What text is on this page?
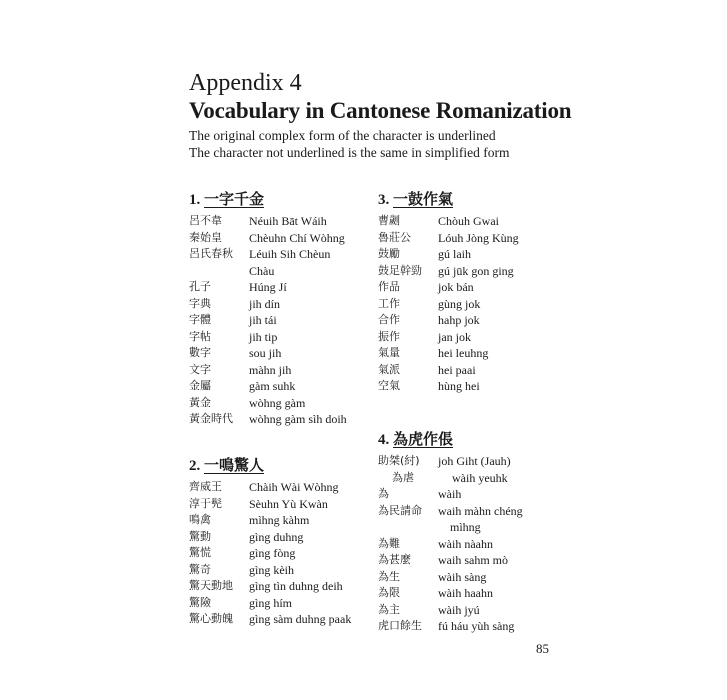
Appendix 4
Vocabulary in Cantonese Romanization
The original complex form of the character is underlined
The character not underlined is the same in simplified form
1. 一字千金
呂不韋	Néuih Bāt Wáih
秦始皇	Chèuhn Chí Wòhng
呂氏春秋	Léuih Sih Chèun
Chàu
孔子	Húng Jí
字典	jih dín
字體	jih tái
字帖	jih tip
數字	sou jih
文字	màhn jih
金屬	gàm suhk
黃金	wòhng gàm
黃金時代	wòhng gàm sìh doih
2. 一鳴驚人
齊威王	Chàih Wài Wòhng
淳于髡	Sèuhn Yù Kwàn
鳴禽	mìhng kàhm
驚動	gìng duhng
驚慌	gìng fòng
驚奇	gìng kèih
驚天動地	gìng tìn duhng deih
驚險	gìng hím
驚心動魄	gìng sàm duhng paak
3. 一鼓作氣
曹劌	Chòuh Gwai
魯莊公	Lóuh Jòng Kùng
鼓勵	gú laih
鼓足幹勁	gú jūk gon ging
作品	jok bán
工作	gùng jok
合作	hahp jok
振作	jan jok
氣量	hei leuhng
氣派	hei paai
空氣	hùng hei
4. 為虎作倀
助桀(紂)	joh Giht (Jauh)
為虐	wàih yeuhk
為	wàih
為民請命	waih màhn chéng
mìhng
為難	wàih nàahn
為甚麼	waih sahm mò
為生	wàih sàng
為限	wàih haahn
為主	wàih jyú
虎口餘生	fú háu yùh sàng
85
